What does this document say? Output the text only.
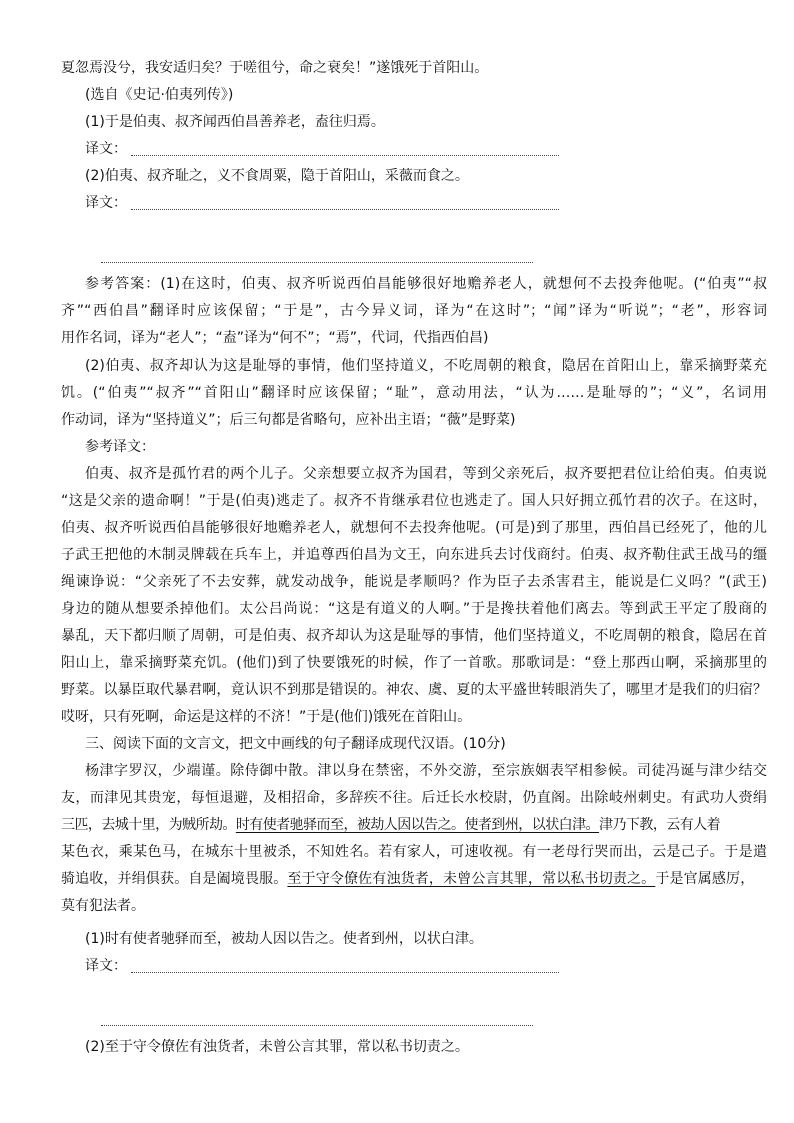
夏忽焉没兮，我安适归矣？于嗟徂兮，命之衰矣！”遂饿死于首阳山。
(选自《史记·伯夷列传》)
(1)于是伯夷、叔齐闻西伯昌善养老，盍往归焉。
译文：
(2)伯夷、叔齐耻之，义不食周粟，隐于首阳山，采薇而食之。
译文：
参考答案：(1)在这时，伯夷、叔齐听说西伯昌能够很好地赡养老人，就想何不去投奔他呢。(“伯夷”“叔
齐”“西伯昌”翻译时应该保留；“于是”，古今异义词，译为“在这时”；“闻”译为“听说”；“老”，形容词
用作名词，译为“老人”；“盍”译为“何不”；“焉”，代词，代指西伯昌)
(2)伯夷、叔齐却认为这是耻辱的事情，他们坚持道义，不吃周朝的粮食，隐居在首阳山上，靠采摘野菜充
饥。(“伯夷”“叔齐”“首阳山”翻译时应该保留；“耻”，意动用法，“认为……是耻辱的”；“义”，名词用
作动词，译为“坚持道义”；后三句都是省略句，应补出主语；“薇”是野菜)
参考译文：
伯夷、叔齐是孤竹君的两个儿子。父亲想要立叔齐为国君，等到父亲死后，叔齐要把君位让给伯夷。伯夷说
“这是父亲的遗命啊！”于是(伯夷)逃走了。叔齐不肯继承君位也逃走了。国人只好拥立孤竹君的次子。在这时，
伯夷、叔齐听说西伯昌能够很好地赡养老人，就想何不去投奔他呢。(可是)到了那里，西伯昌已经死了，他的儿
子武王把他的木制灵牌载在兵车上，并追尊西伯昌为文王，向东进兵去讨伐商纣。伯夷、叔齐勒住武王战马的缰
绳谏诤说：“父亲死了不去安葬，就发动战争，能说是孝顺吗？作为臣子去杀害君主，能说是仁义吗？”(武王)
身边的随从想要杀掉他们。太公吕尚说：“这是有道义的人啊。”于是搀扶着他们离去。等到武王平定了殷商的
暴乱，天下都归顺了周朝，可是伯夷、叔齐却认为这是耻辱的事情，他们坚持道义，不吃周朝的粮食，隐居在首
阳山上，靠采摘野菜充饥。(他们)到了快要饿死的时候，作了一首歌。那歌词是：“登上那西山啊，采摘那里的
野菜。以暴臣取代暴君啊，竟认识不到那是错误的。神农、虞、夏的太平盛世转眼消失了，哪里才是我们的归宿？
哎呀，只有死啊，命运是这样的不济！”于是(他们)饿死在首阳山。
三、阅读下面的文言文，把文中画线的句子翻译成现代汉语。(10分)
杨津字罗汉，少端谨。除侍御中散。津以身在禁密，不外交游，至宗族姻表罕相参候。司徒冯诞与津少结交
友，而津见其贵宠，每恒退避，及相招命，多辞疾不往。后迁长水校尉，仍直阁。出除岐州刺史。有武功人赍绢
三匹，去城十里，为贼所劫。时有使者驰驿而至，被劫人因以告之。使者到州，以状白津。津乃下教，云有人着
某色衣，乘某色马，在城东十里被杀，不知姓名。若有家人，可速收视。有一老母行哭而出，云是己子。于是遣
骑追收，并绢俱获。自是阖境畏服。至于守令僚佐有浊货者，未曾公言其罪，常以私书切责之。于是官属感厉，
莫有犯法者。
(1)时有使者驰驿而至，被劫人因以告之。使者到州，以状白津。
译文：
(2)至于守令僚佐有浊货者，未曾公言其罪，常以私书切责之。
